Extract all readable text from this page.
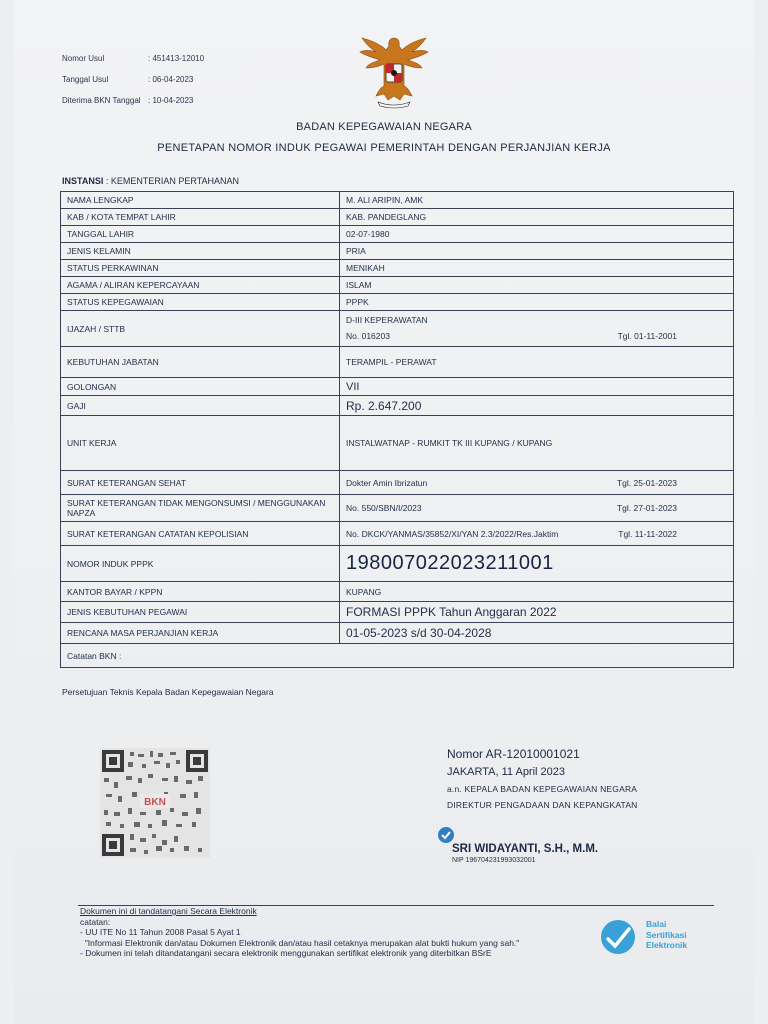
Nomor Usul	: 451413-12010
Tanggal Usul	: 06-04-2023
Diterima BKN Tanggal : 10-04-2023
BADAN KEPEGAWAIAN NEGARA
PENETAPAN NOMOR INDUK PEGAWAI PEMERINTAH DENGAN PERJANJIAN KERJA
INSTANSI : KEMENTERIAN PERTAHANAN
NAMA LENGKAP	M. ALI ARIPIN, AMK
KAB / KOTA TEMPAT LAHIR	KAB. PANDEGLANG
TANGGAL LAHIR	02-07-1980
JENIS KELAMIN	PRIA
STATUS PERKAWINAN	MENIKAH
AGAMA / ALIRAN KEPERCAYAAN	ISLAM
STATUS KEPEGAWAIAN	PPPK
IJAZAH / STTB	D-III KEPERAWATAN
No. 016203 Tgl. 01-11-2001

KEBUTUHAN JABATAN	TERAMPIL - PERAWAT
GOLONGAN	VII
GAJI	Rp. 2.647.200
UNIT KERJA	INSTALWATNAP - RUMKIT TK III KUPANG / KUPANG
SURAT KETERANGAN SEHAT	Dokter Amin Ibrizatun Tgl. 25-01-2023

SURAT KETERANGAN TIDAK MENGONSUMSI / MENGGUNAKAN NAPZA	No. 550/SBN/I/2023 Tgl. 27-01-2023

SURAT KETERANGAN CATATAN KEPOLISIAN	No. DKCK/YANMAS/35852/XI/YAN 2.3/2022/Res.Jaktim Tgl. 11-11-2022

NOMOR INDUK PPPK	198007022023211001
KANTOR BAYAR / KPPN	KUPANG
JENIS KEBUTUHAN PEGAWAI	FORMASI PPPK Tahun Anggaran 2022
RENCANA MASA PERJANJIAN KERJA	01-05-2023 s/d 30-04-2028
Catatan BKN :	
Persetujuan Teknis Kepala Badan Kepegawaian Negara
BKN
Nomor AR-12010001021
JAKARTA, 11 April 2023
a.n. KEPALA BADAN KEPEGAWAIAN NEGARA
DIREKTUR PENGADAAN DAN KEPANGKATAN
SRI WIDAYANTI, S.H., M.M.
NIP 196704231993032001
Dokumen ini di tandatangani Secara Elektronik
catatan:
- UU ITE No 11 Tahun 2008 Pasal 5 Ayat 1
"Informasi Elektronik dan/atau Dokumen Elektronik dan/atau hasil cetaknya merupakan alat bukti hukum yang sah."
- Dokumen ini telah ditandatangani secara elektronik menggunakan sertifikat elektronik yang diterbitkan BSrE
Balai
Sertifikasi
Elektronik
